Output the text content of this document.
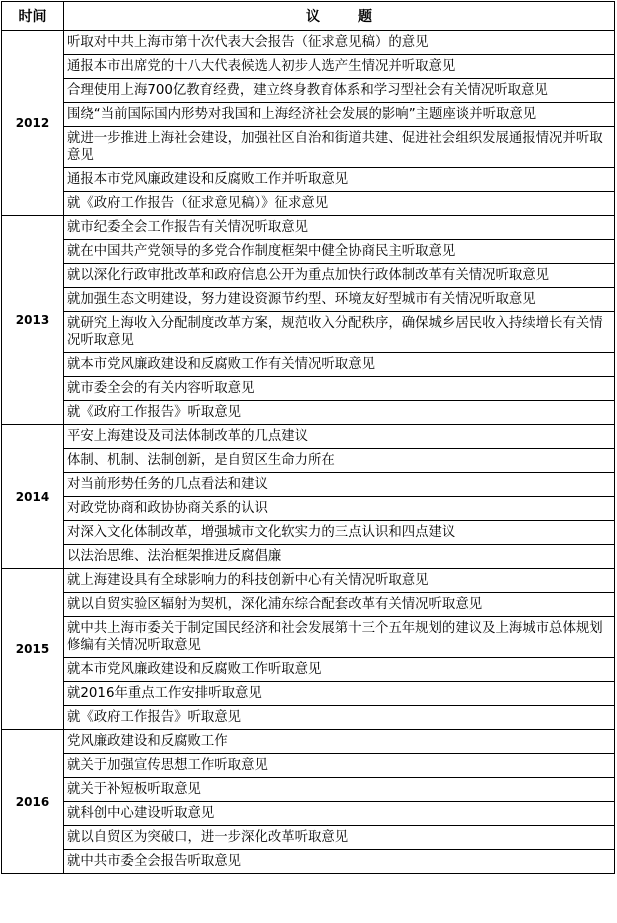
时间	议 题
2012	听取对中共上海市第十次代表大会报告（征求意见稿）的意见
	通报本市出席党的十八大代表候选人初步人选产生情况并听取意见
	合理使用上海700亿教育经费，建立终身教育体系和学习型社会有关情况听取意见
	围绕“当前国际国内形势对我国和上海经济社会发展的影响”主题座谈并听取意见
	就进一步推进上海社会建设，加强社区自治和街道共建、促进社会组织发展通报情况并听取意见
	通报本市党风廉政建设和反腐败工作并听取意见
	就《政府工作报告（征求意见稿）》征求意见
2013	就市纪委全会工作报告有关情况听取意见
	就在中国共产党领导的多党合作制度框架中健全协商民主听取意见
	就以深化行政审批改革和政府信息公开为重点加快行政体制改革有关情况听取意见
	就加强生态文明建设，努力建设资源节约型、环境友好型城市有关情况听取意见
	就研究上海收入分配制度改革方案，规范收入分配秩序，确保城乡居民收入持续增长有关情况听取意见
	就本市党风廉政建设和反腐败工作有关情况听取意见
	就市委全会的有关内容听取意见
	就《政府工作报告》听取意见
2014	平安上海建设及司法体制改革的几点建议
	体制、机制、法制创新，是自贸区生命力所在
	对当前形势任务的几点看法和建议
	对政党协商和政协协商关系的认识
	对深入文化体制改革，增强城市文化软实力的三点认识和四点建议
	以法治思维、法治框架推进反腐倡廉
2015	就上海建设具有全球影响力的科技创新中心有关情况听取意见
	就以自贸实验区辐射为契机，深化浦东综合配套改革有关情况听取意见
	就中共上海市委关于制定国民经济和社会发展第十三个五年规划的建议及上海城市总体规划修编有关情况听取意见
	就本市党风廉政建设和反腐败工作听取意见
	就2016年重点工作安排听取意见
	就《政府工作报告》听取意见
2016	党风廉政建设和反腐败工作
	就关于加强宣传思想工作听取意见
	就关于补短板听取意见
	就科创中心建设听取意见
	就以自贸区为突破口，进一步深化改革听取意见
	就中共市委全会报告听取意见
